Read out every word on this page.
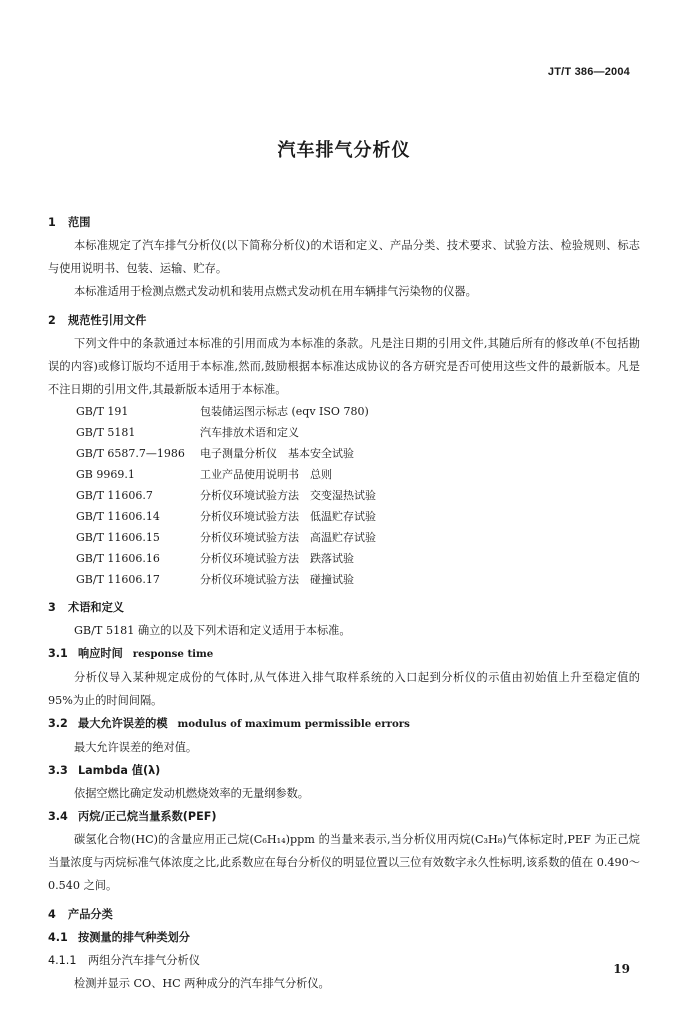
JT/T 386—2004
汽车排气分析仪
1 范围
本标准规定了汽车排气分析仪(以下简称分析仪)的术语和定义、产品分类、技术要求、试验方法、检验规则、标志与使用说明书、包装、运输、贮存。
本标准适用于检测点燃式发动机和装用点燃式发动机在用车辆排气污染物的仪器。
2 规范性引用文件
下列文件中的条款通过本标准的引用而成为本标准的条款。凡是注日期的引用文件,其随后所有的修改单(不包括勘误的内容)或修订版均不适用于本标准,然而,鼓励根据本标准达成协议的各方研究是否可使用这些文件的最新版本。凡是不注日期的引用文件,其最新版本适用于本标准。
GB/T 191	包装储运图示标志 (eqv ISO 780)
GB/T 5181	汽车排放术语和定义
GB/T 6587.7—1986	电子测量分析仪　基本安全试验
GB 9969.1	工业产品使用说明书　总则
GB/T 11606.7	分析仪环境试验方法　交变湿热试验
GB/T 11606.14	分析仪环境试验方法　低温贮存试验
GB/T 11606.15	分析仪环境试验方法　高温贮存试验
GB/T 11606.16	分析仪环境试验方法　跌落试验
GB/T 11606.17	分析仪环境试验方法　碰撞试验
3 术语和定义
GB/T 5181 确立的以及下列术语和定义适用于本标准。
3.1 响应时间 response time
分析仪导入某种规定成份的气体时,从气体进入排气取样系统的入口起到分析仪的示值由初始值上升至稳定值的 95%为止的时间间隔。
3.2 最大允许误差的模 modulus of maximum permissible errors
最大允许误差的绝对值。
3.3 Lambda 值(λ)
依据空燃比确定发动机燃烧效率的无量纲参数。
3.4 丙烷/正己烷当量系数(PEF)
碳氢化合物(HC)的含量应用正己烷(C₆H₁₄)ppm 的当量来表示,当分析仪用丙烷(C₃H₈)气体标定时,PEF 为正己烷当量浓度与丙烷标准气体浓度之比,此系数应在每台分析仪的明显位置以三位有效数字永久性标明,该系数的值在 0.490～0.540 之间。
4 产品分类
4.1 按测量的排气种类划分
4.1.1 两组分汽车排气分析仪
检测并显示 CO、HC 两种成分的汽车排气分析仪。
19
